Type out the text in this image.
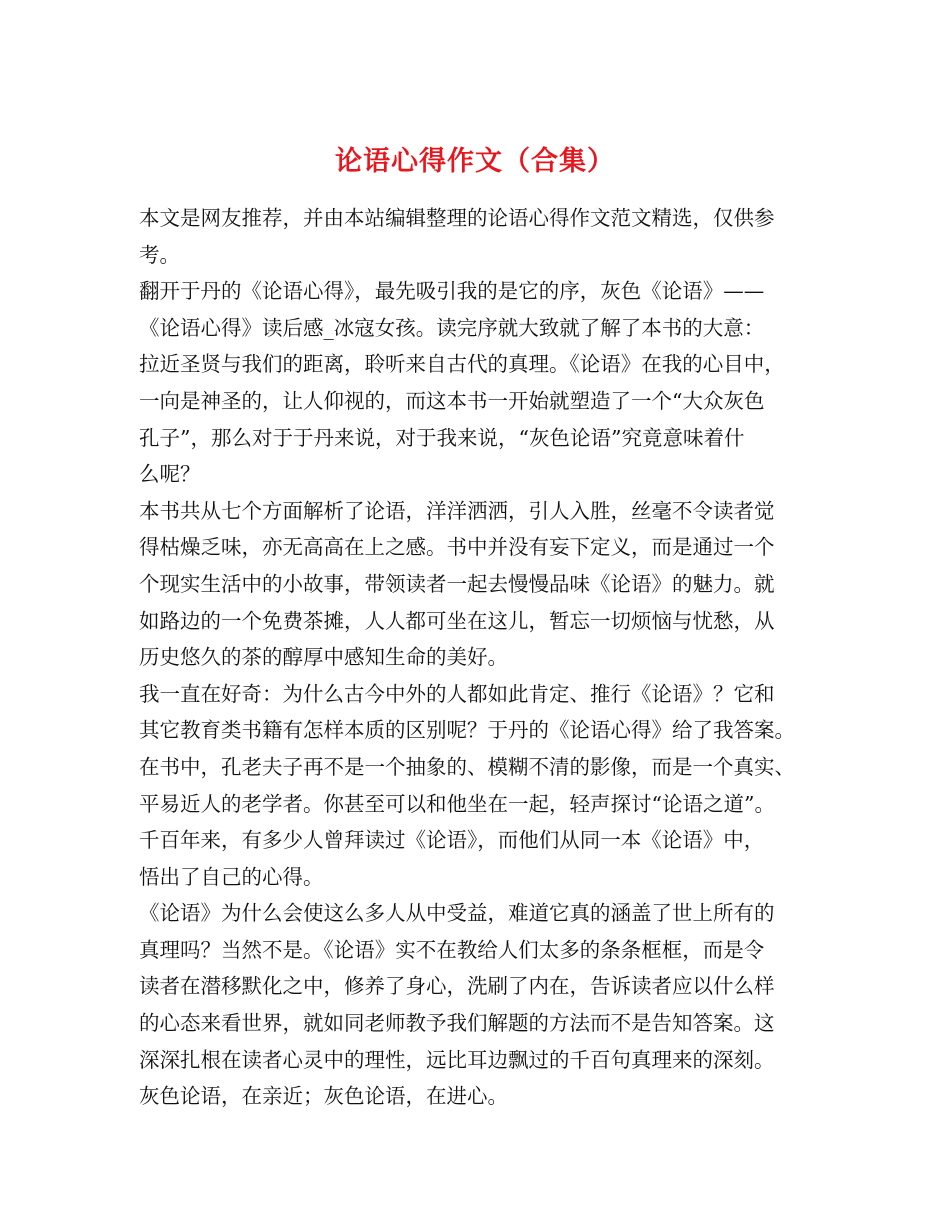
论语心得作文（合集）

本文是网友推荐，并由本站编辑整理的论语心得作文范文精选，仅供参
考。

翻开于丹的《论语心得》，最先吸引我的是它的序，灰色《论语》——
《论语心得》读后感_冰寇女孩。读完序就大致就了解了本书的大意：
拉近圣贤与我们的距离，聆听来自古代的真理。《论语》在我的心目中，
一向是神圣的，让人仰视的，而这本书一开始就塑造了一个“大众灰色
孔子”，那么对于于丹来说，对于我来说，“灰色论语”究竟意味着什
么呢？

本书共从七个方面解析了论语，洋洋洒洒，引人入胜，丝毫不令读者觉
得枯燥乏味，亦无高高在上之感。书中并没有妄下定义，而是通过一个
个现实生活中的小故事，带领读者一起去慢慢品味《论语》的魅力。就
如路边的一个免费茶摊，人人都可坐在这儿，暂忘一切烦恼与忧愁，从
历史悠久的茶的醇厚中感知生命的美好。

我一直在好奇：为什么古今中外的人都如此肯定、推行《论语》？它和
其它教育类书籍有怎样本质的区别呢？于丹的《论语心得》给了我答案。
在书中，孔老夫子再不是一个抽象的、模糊不清的影像，而是一个真实、
平易近人的老学者。你甚至可以和他坐在一起，轻声探讨“论语之道”。
千百年来，有多少人曾拜读过《论语》，而他们从同一本《论语》中，
悟出了自己的心得。

《论语》为什么会使这么多人从中受益，难道它真的涵盖了世上所有的
真理吗？当然不是。《论语》实不在教给人们太多的条条框框，而是令
读者在潜移默化之中，修养了身心，洗刷了内在，告诉读者应以什么样
的心态来看世界，就如同老师教予我们解题的方法而不是告知答案。这
深深扎根在读者心灵中的理性，远比耳边飘过的千百句真理来的深刻。
灰色论语，在亲近；灰色论语，在进心。
